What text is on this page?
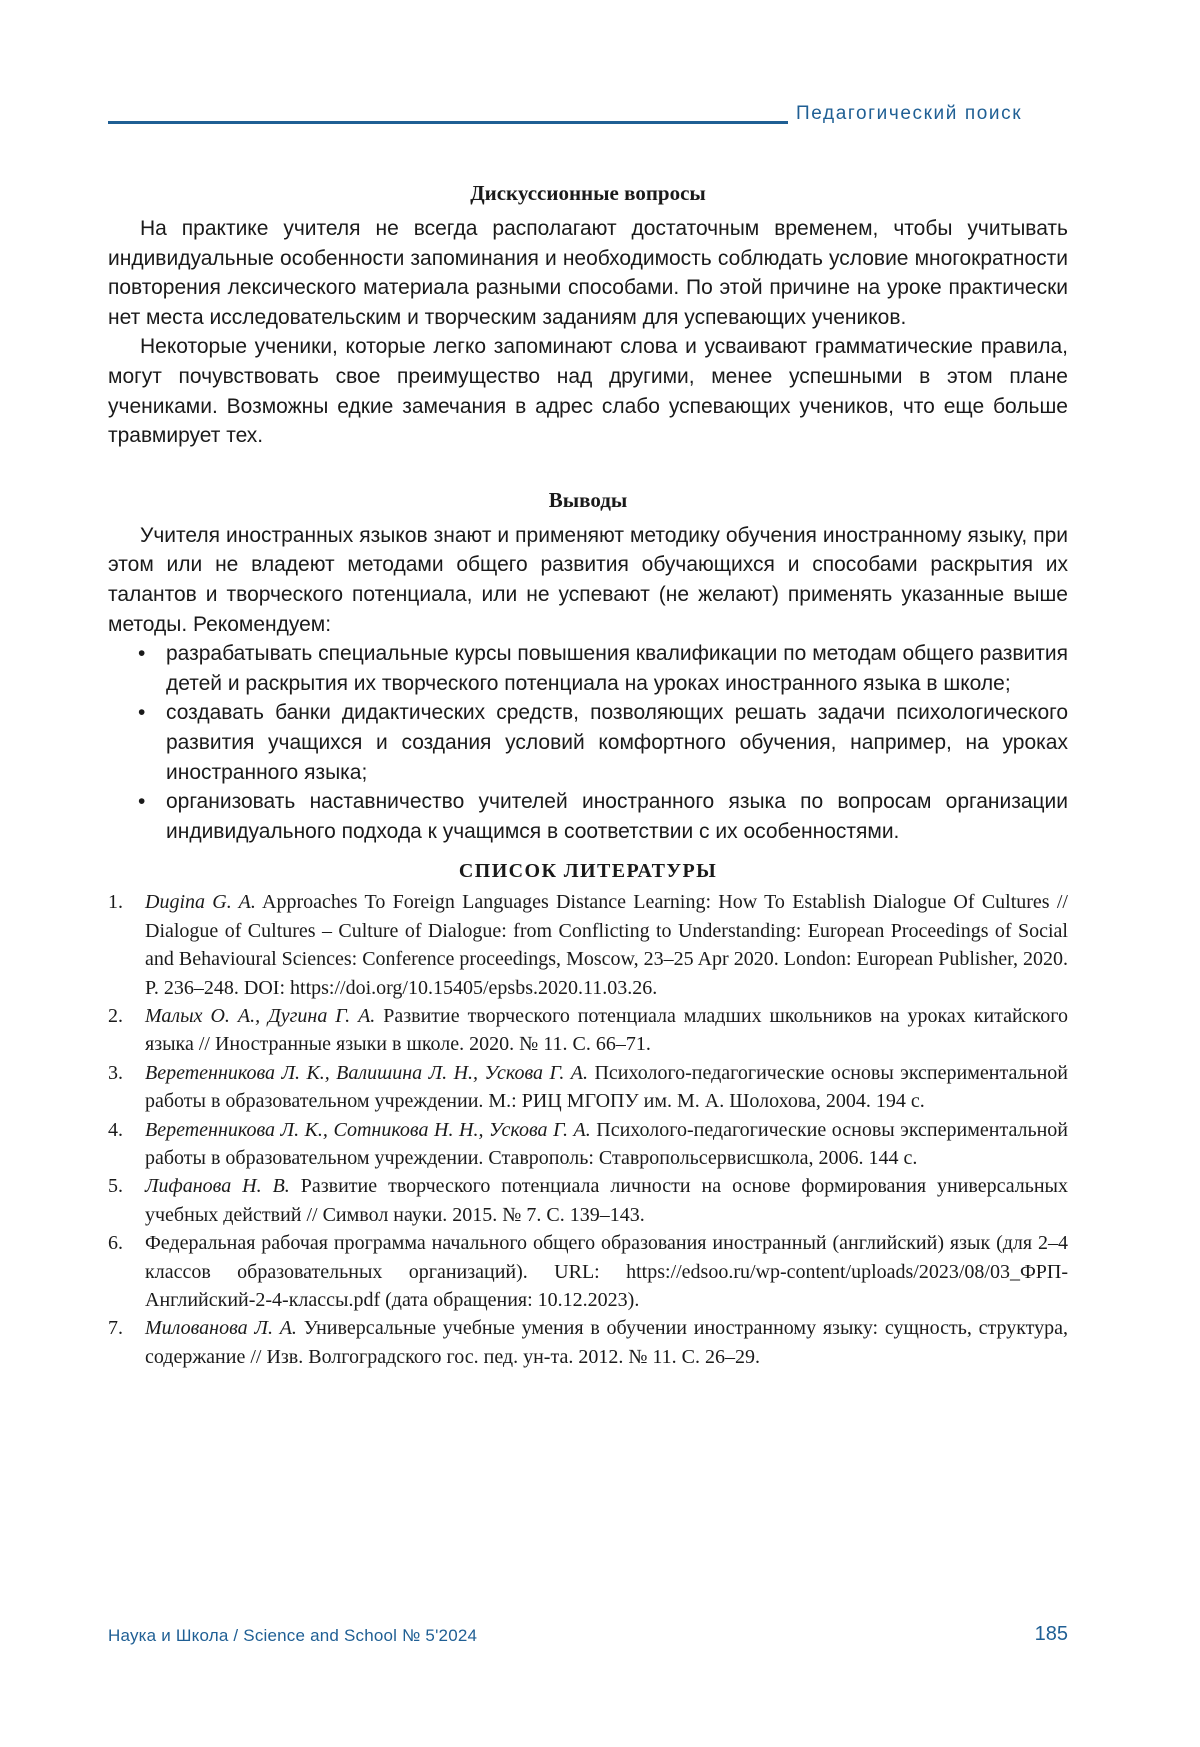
Педагогический поиск
Дискуссионные вопросы

На практике учителя не всегда располагают достаточным временем, чтобы учитывать индивидуальные особенности запоминания и необходимость соблюдать условие многократности повторения лексического материала разными способами. По этой причине на уроке практически нет места исследовательским и творческим заданиям для успевающих учеников.

Некоторые ученики, которые легко запоминают слова и усваивают грамматические правила, могут почувствовать свое преимущество над другими, менее успешными в этом плане учениками. Возможны едкие замечания в адрес слабо успевающих учеников, что еще больше травмирует тех.

Выводы

Учителя иностранных языков знают и применяют методику обучения иностранному языку, при этом или не владеют методами общего развития обучающихся и способами раскрытия их талантов и творческого потенциала, или не успевают (не желают) применять указанные выше методы. Рекомендуем:

• разрабатывать специальные курсы повышения квалификации по методам общего развития детей и раскрытия их творческого потенциала на уроках иностранного языка в школе;
• создавать банки дидактических средств, позволяющих решать задачи психологического развития учащихся и создания условий комфортного обучения, например, на уроках иностранного языка;
• организовать наставничество учителей иностранного языка по вопросам организации индивидуального подхода к учащимся в соответствии с их особенностями.
СПИСОК ЛИТЕРАТУРЫ
1. Dugina G. A. Approaches To Foreign Languages Distance Learning: How To Establish Dialogue Of Cultures // Dialogue of Cultures – Culture of Dialogue: from Conflicting to Understanding: European Proceedings of Social and Behavioural Sciences: Conference proceedings, Moscow, 23–25 Apr 2020. London: European Publisher, 2020. P. 236–248. DOI: https://doi.org/10.15405/epsbs.2020.11.03.26.
2. Малых О. А., Дугина Г. А. Развитие творческого потенциала младших школьников на уроках китайского языка // Иностранные языки в школе. 2020. № 11. С. 66–71.
3. Веретенникова Л. К., Валишина Л. Н., Ускова Г. А. Психолого-педагогические основы экспериментальной работы в образовательном учреждении. М.: РИЦ МГОПУ им. М. А. Шолохова, 2004. 194 с.
4. Веретенникова Л. К., Сотникова Н. Н., Ускова Г. А. Психолого-педагогические основы экспериментальной работы в образовательном учреждении. Ставрополь: Ставропольсервисшкола, 2006. 144 с.
5. Лифанова Н. В. Развитие творческого потенциала личности на основе формирования универсальных учебных действий // Символ науки. 2015. № 7. С. 139–143.
6. Федеральная рабочая программа начального общего образования иностранный (английский) язык (для 2–4 классов образовательных организаций). URL: https://edsoo.ru/wp-content/uploads/2023/08/03_ФРП-Английский-2-4-классы.pdf (дата обращения: 10.12.2023).
7. Милованова Л. А. Универсальные учебные умения в обучении иностранному языку: сущность, структура, содержание // Изв. Волгоградского гос. пед. ун-та. 2012. № 11. С. 26–29.
Наука и Школа / Science and School № 5'2024	185
